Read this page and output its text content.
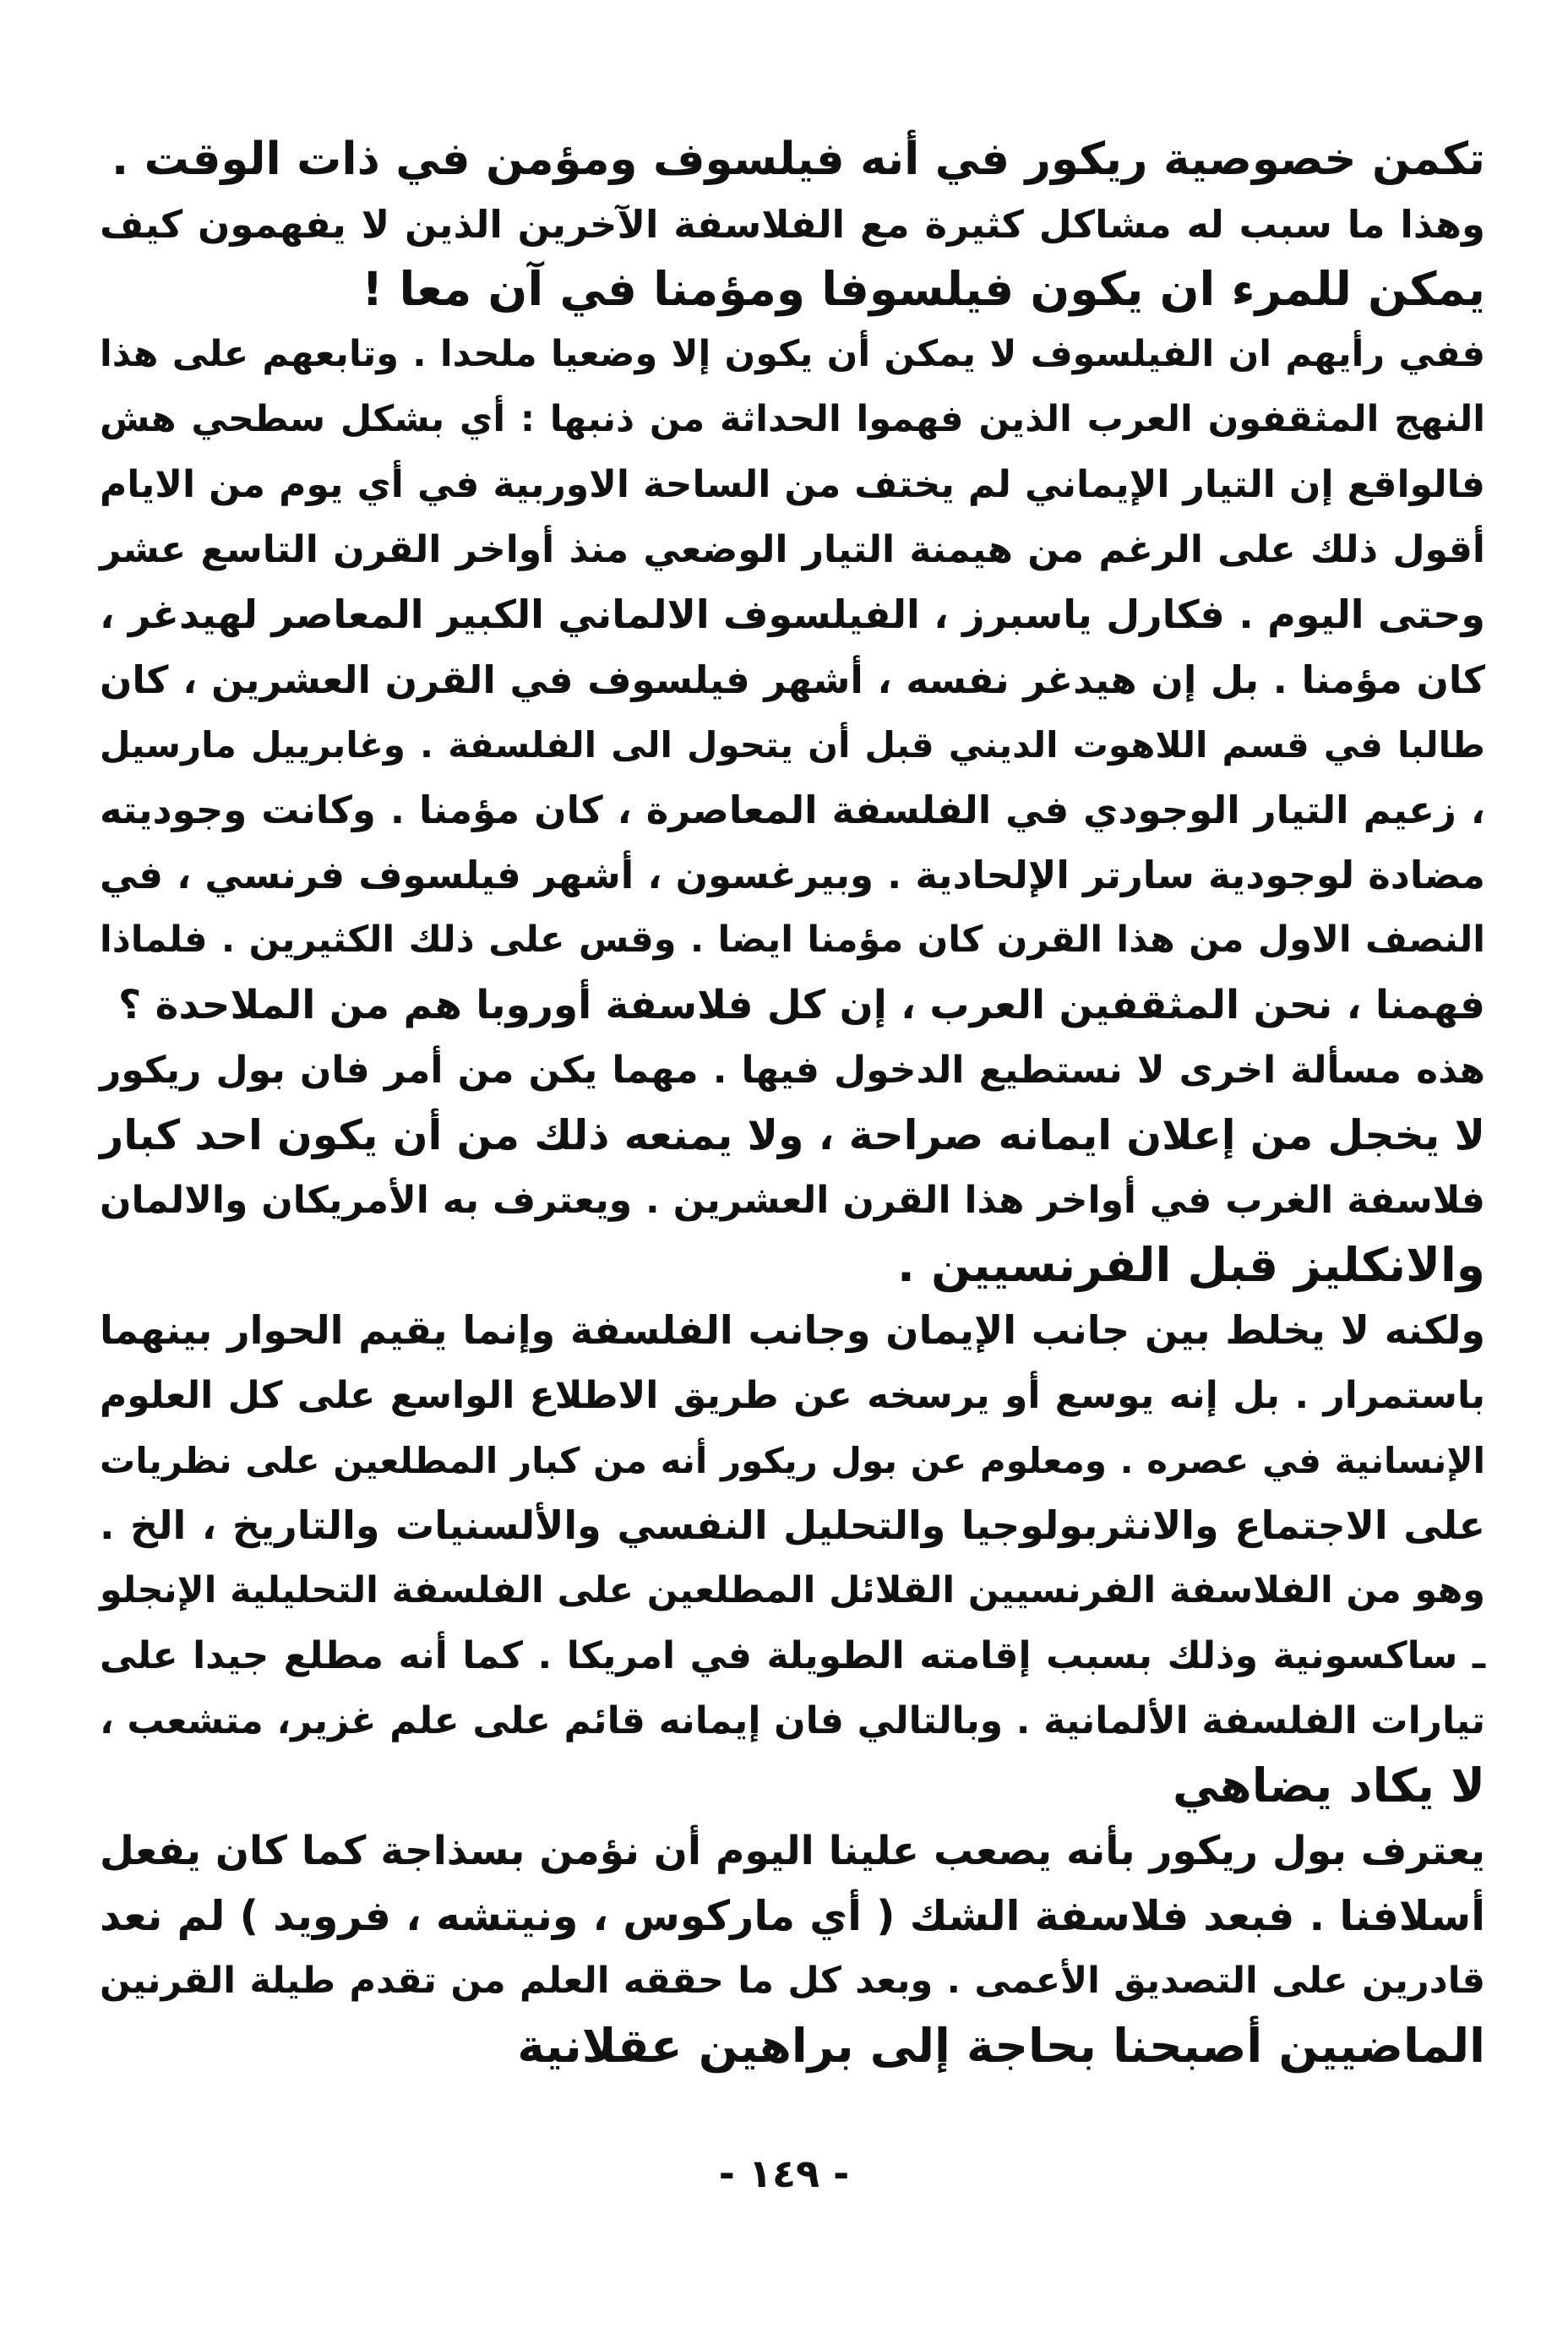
تكمن خصوصية ريكور في أنه فيلسوف ومؤمن في ذات الوقت .
وهذا ما سبب له مشاكل كثيرة مع الفلاسفة الآخرين الذين لا يفهمون كيف
يمكن للمرء ان يكون فيلسوفا ومؤمنا في آن معا !
ففي رأيهم ان الفيلسوف لا يمكن أن يكون إلا وضعيا ملحدا . وتابعهم على هذا
النهج المثقفون العرب الذين فهموا الحداثة من ذنبها : أي بشكل سطحي هش
فالواقع إن التيار الإيماني لم يختف من الساحة الاوربية في أي يوم من الايام
أقول ذلك على الرغم من هيمنة التيار الوضعي منذ أواخر القرن التاسع عشر
وحتى اليوم . فكارل ياسبرز ، الفيلسوف الالماني الكبير المعاصر لهيدغر ،
كان مؤمنا . بل إن هيدغر نفسه ، أشهر فيلسوف في القرن العشرين ، كان
طالبا في قسم اللاهوت الديني قبل أن يتحول الى الفلسفة . وغابرييل مارسيل
، زعيم التيار الوجودي في الفلسفة المعاصرة ، كان مؤمنا . وكانت وجوديته
مضادة لوجودية سارتر الإلحادية . وبيرغسون ، أشهر فيلسوف فرنسي ، في
النصف الاول من هذا القرن كان مؤمنا ايضا . وقس على ذلك الكثيرين . فلماذا
فهمنا ، نحن المثقفين العرب ، إن كل فلاسفة أوروبا هم من الملاحدة ؟
هذه مسألة اخرى لا نستطيع الدخول فيها . مهما يكن من أمر فان بول ريكور
لا يخجل من إعلان ايمانه صراحة ، ولا يمنعه ذلك من أن يكون احد كبار
فلاسفة الغرب في أواخر هذا القرن العشرين . ويعترف به الأمريكان والالمان
والانكليز قبل الفرنسيين .
ولكنه لا يخلط بين جانب الإيمان وجانب الفلسفة وإنما يقيم الحوار بينهما
باستمرار . بل إنه يوسع أو يرسخه عن طريق الاطلاع الواسع على كل العلوم
الإنسانية في عصره . ومعلوم عن بول ريكور أنه من كبار المطلعين على نظريات
على الاجتماع والانثربولوجيا والتحليل النفسي والألسنيات والتاريخ ، الخ .
وهو من الفلاسفة الفرنسيين القلائل المطلعين على الفلسفة التحليلية الإنجلو
ـ ساكسونية وذلك بسبب إقامته الطويلة في امريكا . كما أنه مطلع جيدا على
تيارات الفلسفة الألمانية . وبالتالي فان إيمانه قائم على علم غزير، متشعب ،
لا يكاد يضاهي
يعترف بول ريكور بأنه يصعب علينا اليوم أن نؤمن بسذاجة كما كان يفعل
أسلافنا . فبعد فلاسفة الشك ( أي ماركوس ، ونيتشه ، فرويد ) لم نعد
قادرين على التصديق الأعمى . وبعد كل ما حققه العلم من تقدم طيلة القرنين
الماضيين أصبحنا بحاجة إلى براهين عقلانية
- ١٤٩ -
